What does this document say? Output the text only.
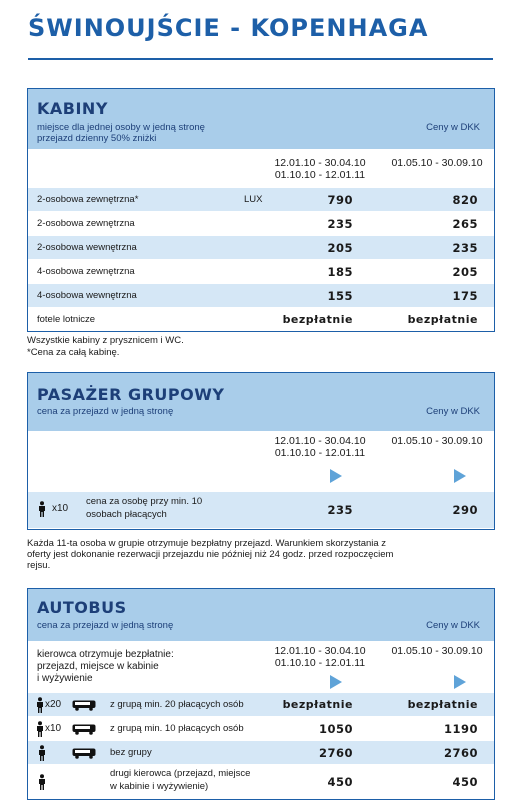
ŚWINOUJŚCIE - KOPENHAGA
KABINY
miejsce dla jednej osoby w jedną stronę
przejazd dzienny 50% zniżki
Ceny w DKK
12.01.10 - 30.04.10
01.10.10 - 12.01.11
01.05.10 - 30.09.10
2-osobowa zewnętrzna*	LUX	790	820
2-osobowa zewnętrzna	235	265
2-osobowa wewnętrzna	205	235
4-osobowa zewnętrzna	185	205
4-osobowa wewnętrzna	155	175
fotele lotnicze	bezpłatnie	bezpłatnie
Wszystkie kabiny z prysznicem i WC.
*Cena za całą kabinę.
PASAŻER GRUPOWY
cena za przejazd w jedną stronę	Ceny w DKK
12.01.10 - 30.04.10
01.10.10 - 12.01.11
01.05.10 - 30.09.10
x10
cena za osobę przy min. 10
osobach płacących	235	290
Każda 11-ta osoba w grupie otrzymuje bezpłatny przejazd. Warunkiem skorzystania z
oferty jest dokonanie rezerwacji przejazdu nie później niż 24 godz. przed rozpoczęciem
rejsu.
AUTOBUS
cena za przejazd w jedną stronę	Ceny w DKK
kierowca otrzymuje bezpłatnie:
przejazd, miejsce w kabinie
i wyżywienie
12.01.10 - 30.04.10
01.10.10 - 12.01.11
01.05.10 - 30.09.10
x20	z grupą min. 20 płacących osób	bezpłatnie	bezpłatnie
x10	z grupą min. 10 płacących osób	1050	1190
bez grupy	2760	2760
drugi kierowca (przejazd, miejsce
w kabinie i wyżywienie)	450	450
